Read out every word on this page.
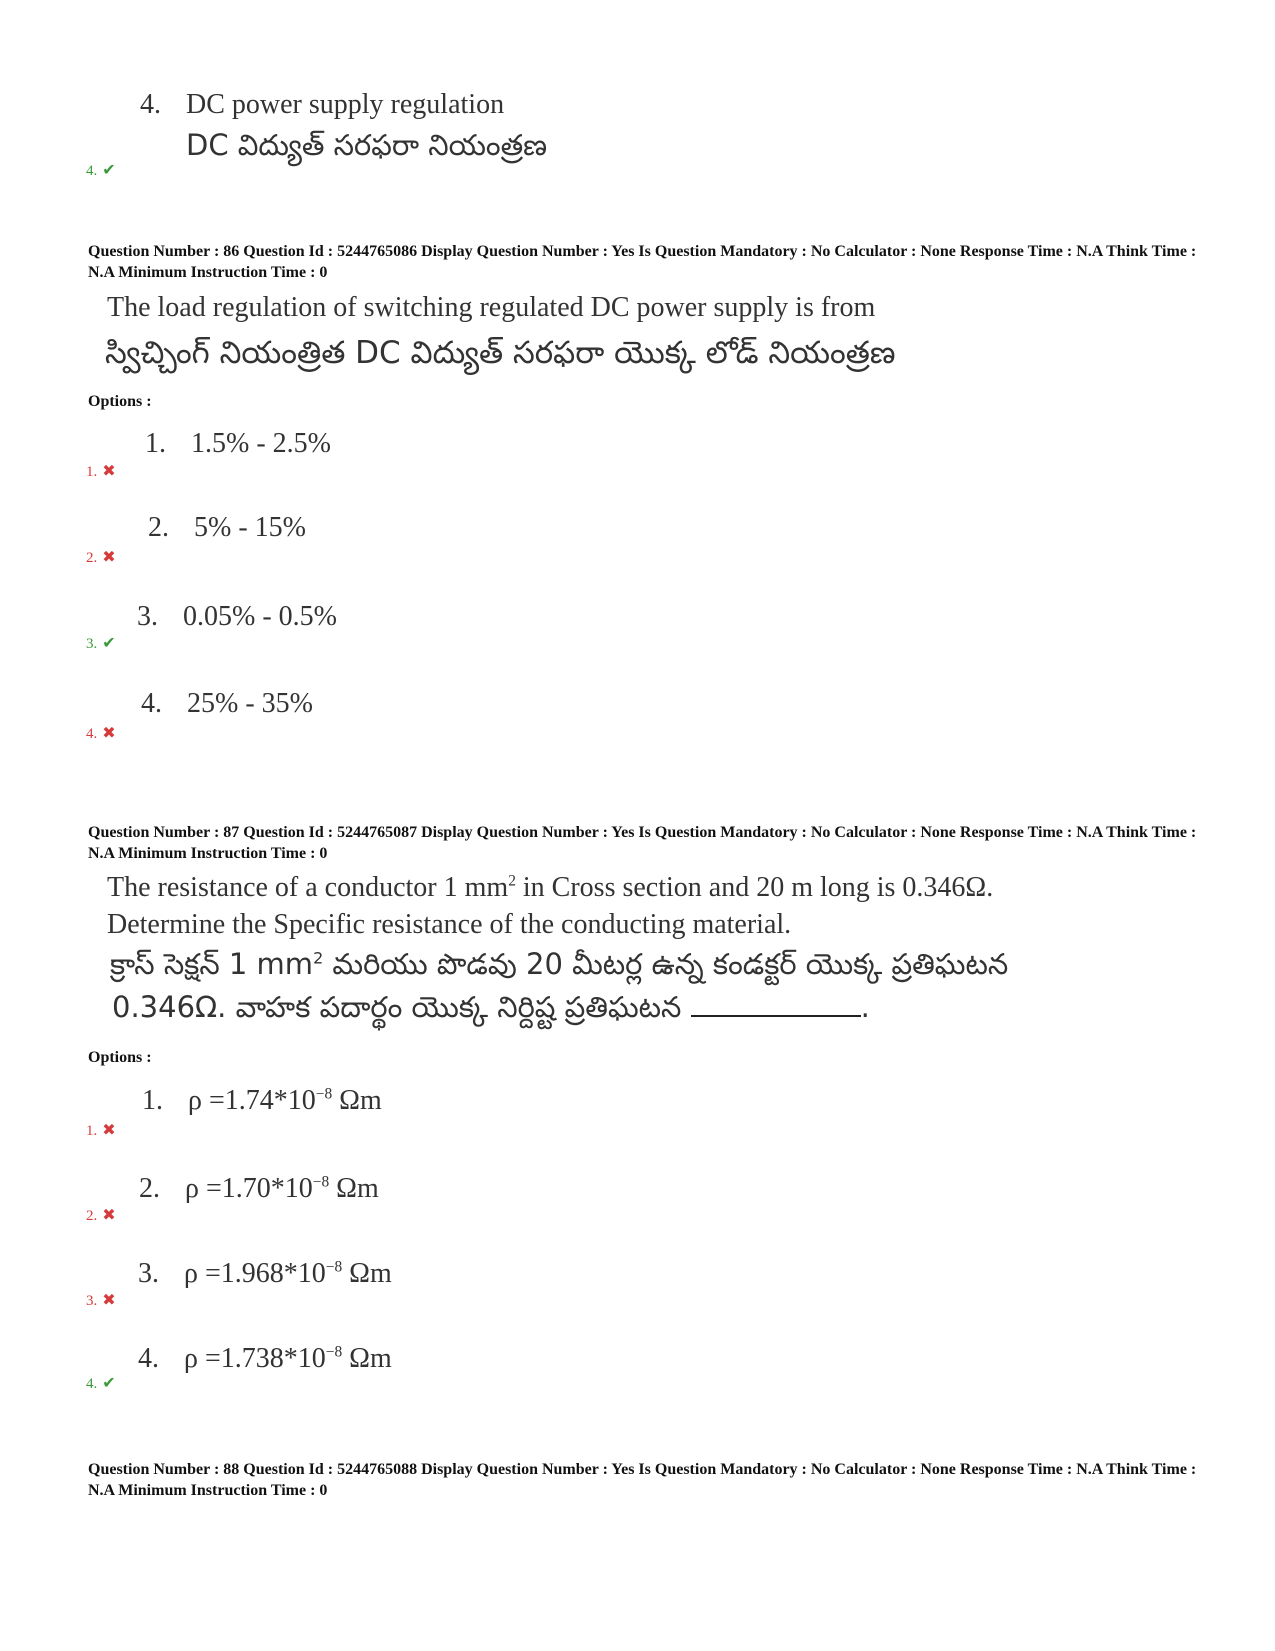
4. DC power supply regulation
DC విద్యుత్ సరఫరా నియంత్రణ
4. ✔
Question Number : 86 Question Id : 5244765086 Display Question Number : Yes Is Question Mandatory : No Calculator : None Response Time : N.A Think Time : N.A Minimum Instruction Time : 0
The load regulation of switching regulated DC power supply is from
స్విచ్చింగ్ నియంత్రిత DC విద్యుత్ సరఫరా యొక్క లోడ్ నియంత్రణ
Options :
1. 1.5% - 2.5%
1. ✖
2. 5% - 15%
2. ✖
3. 0.05% - 0.5%
3. ✔
4. 25% - 35%
4. ✖
Question Number : 87 Question Id : 5244765087 Display Question Number : Yes Is Question Mandatory : No Calculator : None Response Time : N.A Think Time : N.A Minimum Instruction Time : 0
The resistance of a conductor 1 $mm^2$ in Cross section and 20 m long is 0.346Ω.
Determine the Specific resistance of the conducting material.
క్రాస్ సెక్షన్ 1 $mm^2$ మరియు పొడవు 20 మీటర్ల ఉన్న కండక్టర్ యొక్క ప్రతిఘటన
0.346Ω. వాహక పదార్థం యొక్క నిర్దిష్ట ప్రతిఘటన	.
Options :
1. $\rho =1.74*10^{-8}$ Ωm
1. ✖
2. $\rho =1.70*10^{-8}$ Ωm
2. ✖
3. $\rho =1.968*10^{-8}$ Ωm
3. ✖
4. $\rho =1.738*10^{-8}$ Ωm
4. ✔
Question Number : 88 Question Id : 5244765088 Display Question Number : Yes Is Question Mandatory : No Calculator : None Response Time : N.A Think Time : N.A Minimum Instruction Time : 0
